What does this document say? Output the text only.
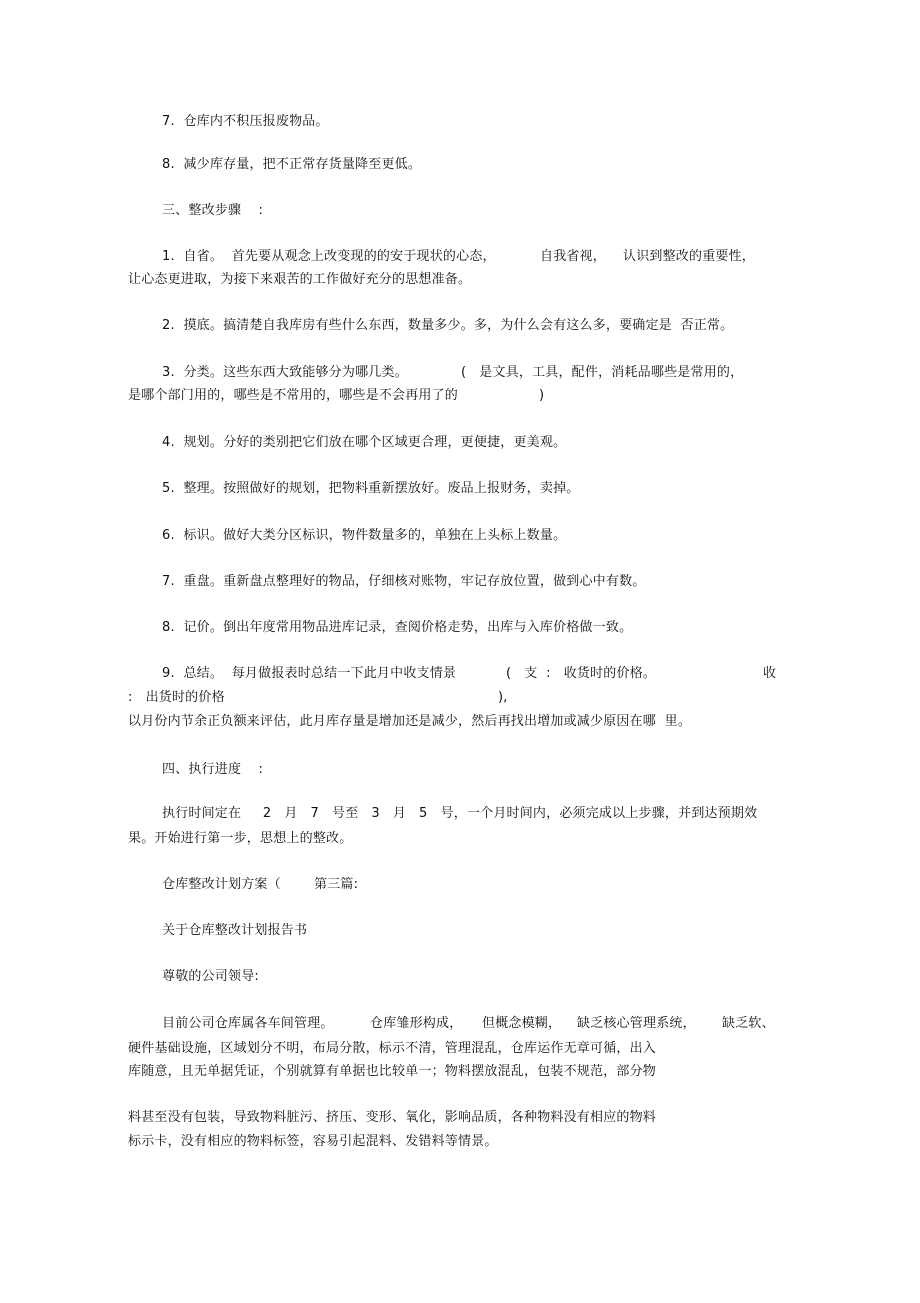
7.  仓库内不积压报废物品。
8.  减少库存量，把不正常存货量降至更低。
三、整改步骤    :
1.  自省。  首先要从观念上改变现的的安于现状的心态，	自我省视， 认识到整改的重要性，
让心态更进取，为接下来艰苦的工作做好充分的思想准备。
2.  摸底。搞清楚自我库房有些什么东西，数量多少。多，为什么会有这么多，要确定是  否正常。
3.  分类。这些东西大致能够分为哪几类。	(   是文具，工具，配件，消耗品哪些是常用的，
是哪个部门用的，哪些是不常用的，哪些是不会再用了的	)
4.  规划。分好的类别把它们放在哪个区域更合理，更便捷，更美观。
5.  整理。按照做好的规划，把物料重新摆放好。废品上报财务，卖掉。
6.  标识。做好大类分区标识，物件数量多的，单独在上头标上数量。
7.  重盘。重新盘点整理好的物品，仔细核对账物，牢记存放位置，做到心中有数。
8.  记价。倒出年度常用物品进库记录，查阅价格走势，出库与入库价格做一致。
9.  总结。  每月做报表时总结一下此月中收支情景	(   支  :   收货时的价格。	收
:   出货时的价格	),
以月份内节余正负额来评估，此月库存量是增加还是减少，然后再找出增加或减少原因在哪  里。
四、执行进度    :
执行时间定在     2   月   7   号至   3   月   5   号，一个月时间内，必须完成以上步骤，并到达预期效
果。开始进行第一步，思想上的整改。
仓库整改计划方案（	第三篇:
关于仓库整改计划报告书
尊敬的公司领导:
目前公司仓库属各车间管理。	仓库雏形构成， 但概念模糊， 缺乏核心管理系统， 缺乏软、
硬件基础设施，区域划分不明，布局分散，标示不清，管理混乱，仓库运作无章可循，出入
库随意，且无单据凭证，个别就算有单据也比较单一；物料摆放混乱，包装不规范，部分物
料甚至没有包装，导致物料脏污、挤压、变形、氧化，影响品质，各种物料没有相应的物料
标示卡，没有相应的物料标签，容易引起混料、发错料等情景。
